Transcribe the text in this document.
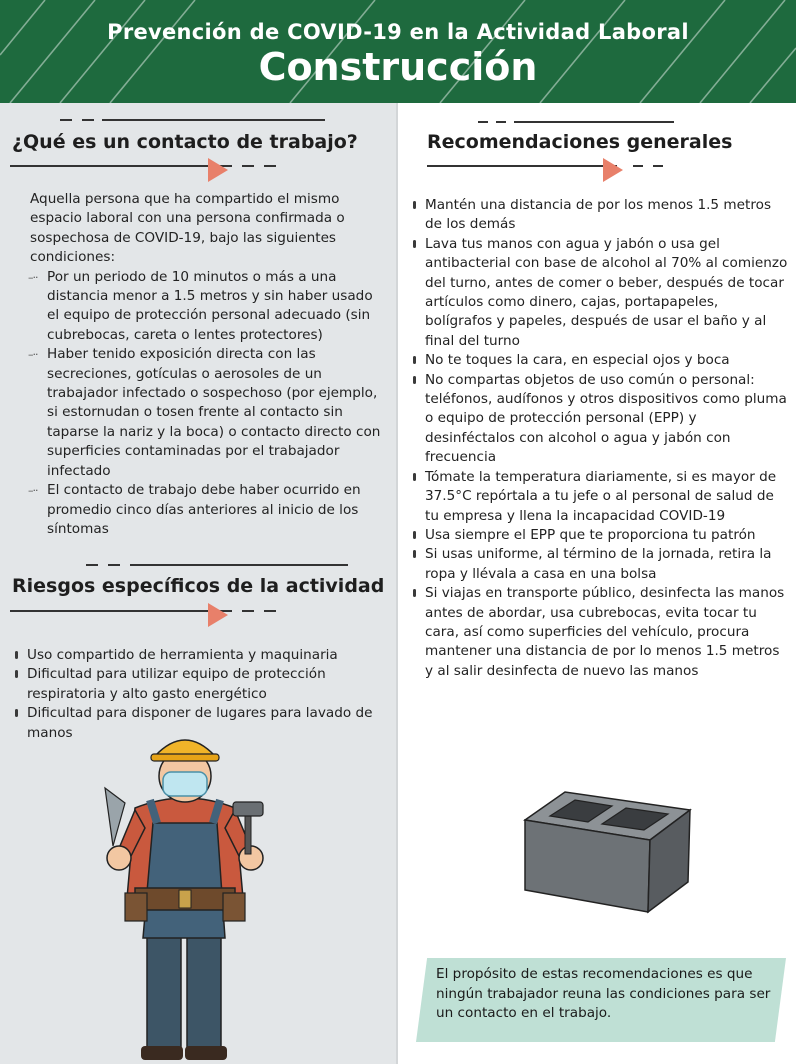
Prevención de COVID-19 en la Actividad Laboral
Construcción
¿Qué es un contacto de trabajo?

Aquella persona que ha compartido el mismo espacio laboral con una persona confirmada o sospechosa de COVID-19, bajo las siguientes condiciones:

–·· Por un periodo de 10 minutos o más a una distancia menor a 1.5 metros y sin haber usado el equipo de protección personal adecuado (sin cubrebocas, careta o lentes protectores)
–·· Haber tenido exposición directa con las secreciones, gotículas o aerosoles de un trabajador infectado o sospechoso (por ejemplo, si estornudan o tosen frente al contacto sin taparse la nariz y la boca) o contacto directo con superficies contaminadas por el trabajador infectado
–·· El contacto de trabajo debe haber ocurrido en promedio cinco días anteriores al inicio de los síntomas
Riesgos específicos de la actividad
Uso compartido de herramienta y maquinaria
Dificultad para utilizar equipo de protección respiratoria y alto gasto energético
Dificultad para disponer de lugares para lavado de manos
Recomendaciones generales
Mantén una distancia de por los menos 1.5 metros de los demás
Lava tus manos con agua y jabón o usa gel antibacterial con base de alcohol al 70% al comienzo del turno, antes de comer o beber, después de tocar artículos como dinero, cajas, portapapeles, bolígrafos y papeles, después de usar el baño y al final del turno
No te toques la cara, en especial ojos y boca
No compartas objetos de uso común o personal: teléfonos, audífonos y otros dispositivos como pluma o equipo de protección personal (EPP) y desinféctalos con alcohol o agua y jabón con frecuencia
Tómate la temperatura diariamente, si es mayor de 37.5°C repórtala a tu jefe o al personal de salud de tu empresa y llena la incapacidad COVID-19
Usa siempre el EPP que te proporciona tu patrón
Si usas uniforme, al término de la jornada, retira la ropa y llévala a casa en una bolsa
Si viajas en transporte público, desinfecta las manos antes de abordar, usa cubrebocas, evita tocar tu cara, así como superficies del vehículo, procura mantener una distancia de por lo menos 1.5 metros y al salir desinfecta de nuevo las manos
El propósito de estas recomendaciones es que ningún trabajador reuna las condiciones para ser un contacto en el trabajo.
